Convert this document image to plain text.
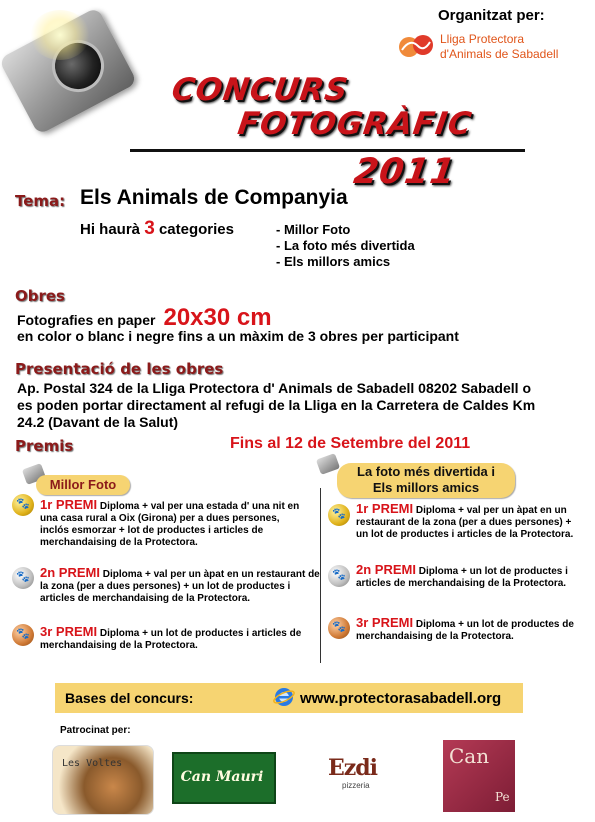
Organitzat per:
Lliga Protectora
d'Animals de Sabadell
CONCURS
FOTOGRÀFIC
2011
Tema: Els Animals de Companyia
Hi haurà 3 categories	- Millor Foto
- La foto més divertida
- Els millors amics
Obres
Fotografies en paper 20x30 cm
en color o blanc i negre fins a un màxim de 3 obres per participant
Presentació de les obres
Ap. Postal 324 de la Lliga Protectora d' Animals de Sabadell 08202 Sabadell o es poden portar directament al refugi de la Lliga en la Carretera de Caldes Km 24.2 (Davant de la Salut)
Premis	Fins al 12 de Setembre del 2011
Millor Foto
La foto més divertida i
Els millors amics
🐾
1r PREMI Diploma + val per una estada d' una nit en una casa rural a Oix (Girona) per a dues persones, inclós esmorzar + lot de productes i articles de merchandaising de la Protectora.
🐾
2n PREMI Diploma + val per un àpat en un restaurant de la zona (per a dues persones) + un lot de productes i articles de merchandaising de la Protectora.
🐾
3r PREMI Diploma + un lot de productes i articles de merchandaising de la Protectora.
🐾
1r PREMI Diploma + val per un àpat en un restaurant de la zona (per a dues persones) + un lot de productes i articles de la Protectora.
🐾
2n PREMI Diploma + un lot de productes i articles de merchandaising de la Protectora.
🐾
3r PREMI Diploma + un lot de productes de merchandaising de la Protectora.
Bases del concurs:	www.protectorasabadell.org
Patrocinat per:
Les Voltes
Can Mauri	Ezdi
pizzeria
Can
Pe
